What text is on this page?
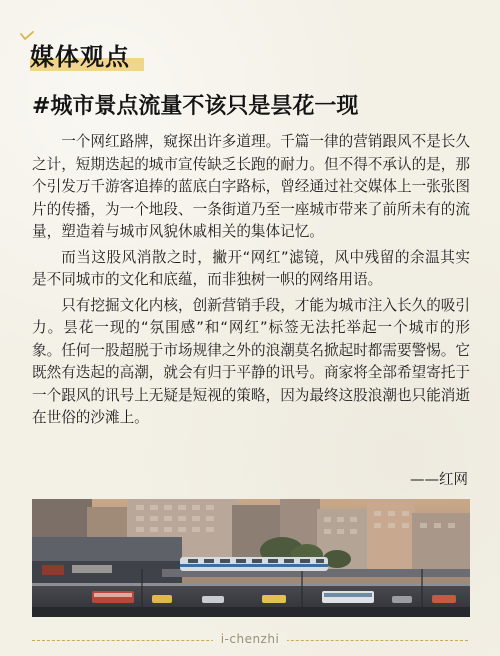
媒体观点
#城市景点流量不该只是昙花一现

一个网红路牌，窥探出许多道理。千篇一律的营销跟风不是长久之计，短期迭起的城市宣传缺乏长跑的耐力。但不得不承认的是，那个引发万千游客追捧的蓝底白字路标，曾经通过社交媒体上一张张图片的传播，为一个地段、一条街道乃至一座城市带来了前所未有的流量，塑造着与城市风貌休戚相关的集体记忆。

而当这股风消散之时，撇开“网红”滤镜，风中残留的余温其实是不同城市的文化和底蕴，而非独树一帜的网络用语。

只有挖掘文化内核，创新营销手段，才能为城市注入长久的吸引力。昙花一现的“氛围感”和“网红”标签无法托举起一个城市的形象。任何一股超脱于市场规律之外的浪潮莫名掀起时都需要警惕。它既然有迭起的高潮，就会有归于平静的讯号。商家将全部希望寄托于一个跟风的讯号上无疑是短视的策略，因为最终这股浪潮也只能消逝在世俗的沙滩上。

——红网
i-chenzhi
